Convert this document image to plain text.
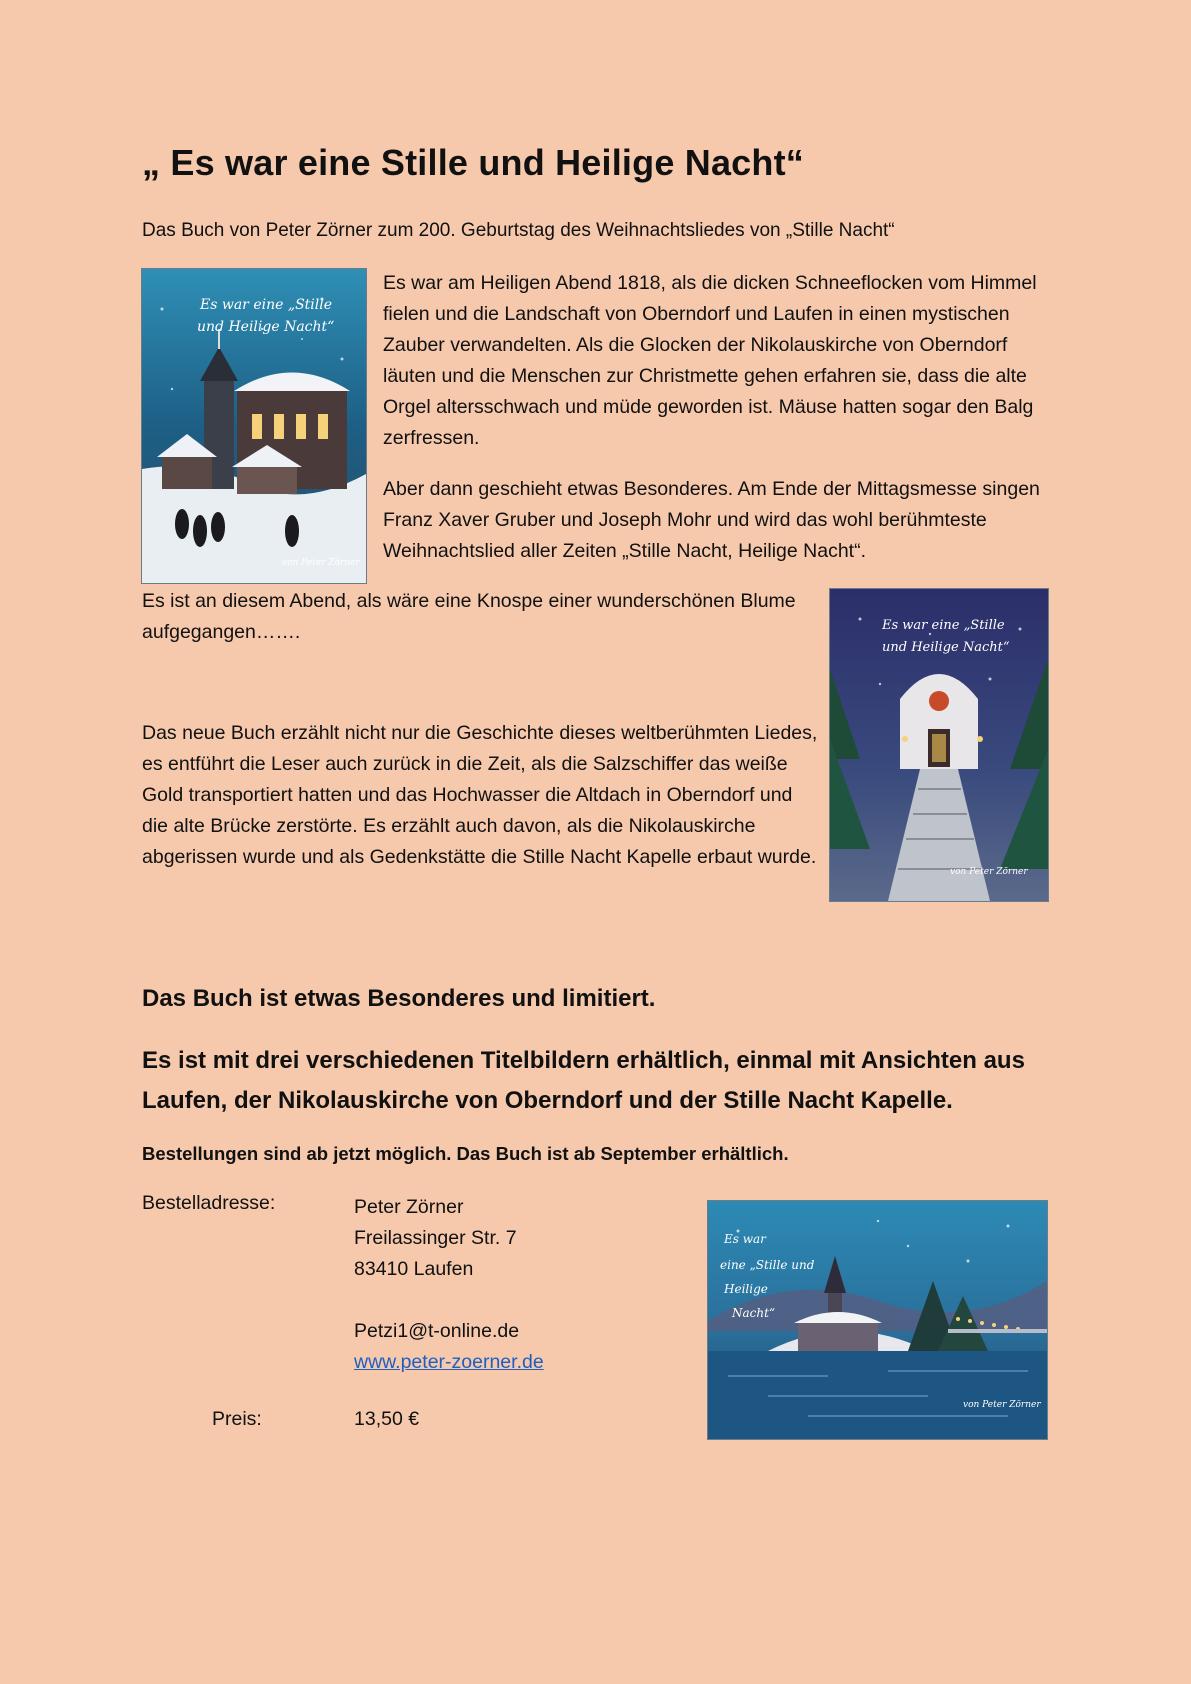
„ Es war eine Stille und Heilige Nacht“
Das Buch von Peter Zörner zum 200. Geburtstag des Weihnachtsliedes von „Stille Nacht“
Es war eine „Stille
und Heilige Nacht“
von Peter Zörner

Es war am Heiligen Abend 1818, als die dicken Schneeflocken vom Himmel fielen und die Landschaft von Oberndorf und Laufen in einen mystischen Zauber verwandelten. Als die Glocken der Nikolauskirche von Oberndorf läuten und die Menschen zur Christmette gehen erfahren sie, dass die alte Orgel altersschwach und müde geworden ist. Mäuse hatten sogar den Balg zerfressen.

Aber dann geschieht etwas Besonderes. Am Ende der Mittagsmesse singen Franz Xaver Gruber und Joseph Mohr und wird das wohl berühmteste Weihnachtslied aller Zeiten „Stille Nacht, Heilige Nacht“.

Es ist an diesem Abend, als wäre eine Knospe einer wunderschönen Blume aufgegangen…….

Das neue Buch erzählt nicht nur die Geschichte dieses weltberühmten Liedes, es entführt die Leser auch zurück in die Zeit, als die Salzschiffer das weiße Gold transportiert hatten und das Hochwasser die Altdach in Oberndorf und die alte Brücke zerstörte. Es erzählt auch davon, als die Nikolauskirche abgerissen wurde und als Gedenkstätte die Stille Nacht Kapelle erbaut wurde.

Es war eine „Stille
und Heilige Nacht“
von Peter Zörner
Das Buch ist etwas Besonderes und limitiert.
Es ist mit drei verschiedenen Titelbildern erhältlich, einmal mit Ansichten aus Laufen, der Nikolauskirche von Oberndorf und der Stille Nacht Kapelle.
Bestellungen sind ab jetzt möglich. Das Buch ist ab September erhältlich.
Bestelladresse:	Peter Zörner
Freilassinger Str. 7
83410 Laufen
Petzi1@t-online.de
www.peter-zoerner.de
Preis:	13,50 €
Es war
eine „Stille und
Heilige
Nacht“
von Peter Zörner
